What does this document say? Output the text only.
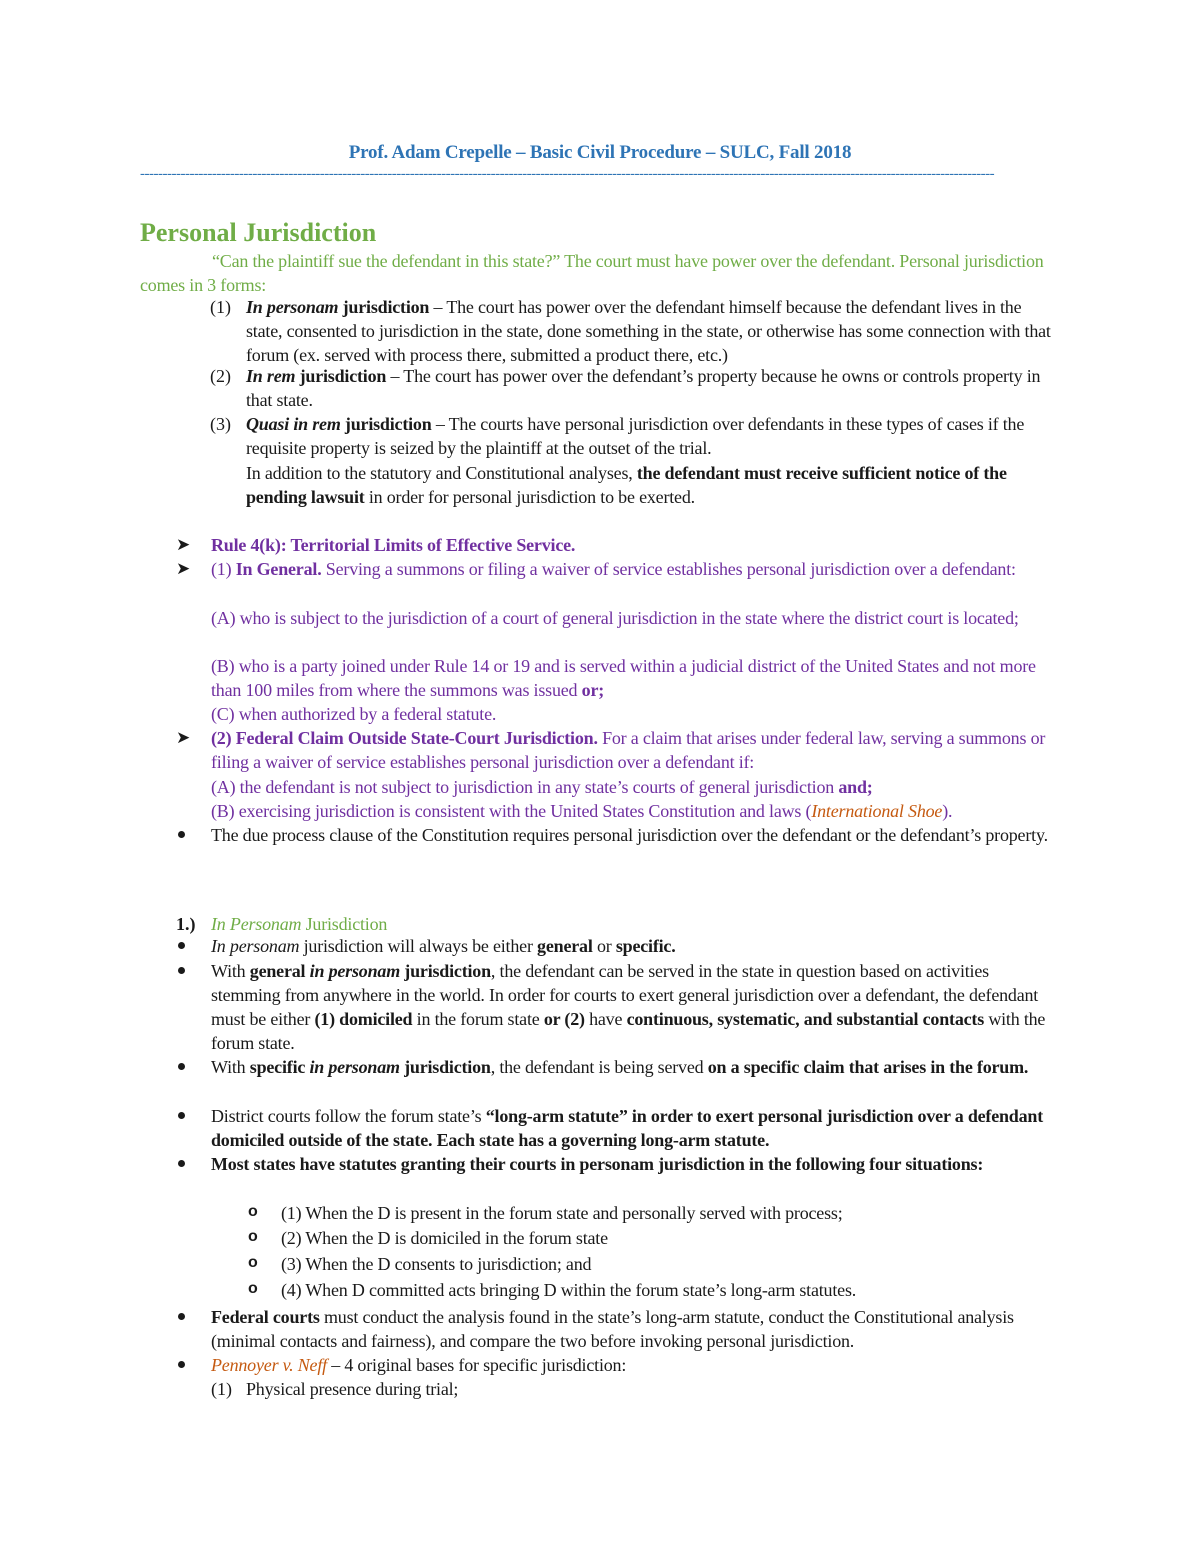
Prof. Adam Crepelle – Basic Civil Procedure – SULC, Fall 2018
----------------------------------------------------------------------------------------------------------------------------------------------------------------------------------------------
Personal Jurisdiction
“Can the plaintiff sue the defendant in this state?” The court must have power over the defendant. Personal jurisdiction comes in 3 forms:
(1) In personam jurisdiction – The court has power over the defendant himself because the defendant lives in the state, consented to jurisdiction in the state, done something in the state, or otherwise has some connection with that forum (ex. served with process there, submitted a product there, etc.)
(2) In rem jurisdiction – The court has power over the defendant’s property because he owns or controls property in that state.
(3) Quasi in rem jurisdiction – The courts have personal jurisdiction over defendants in these types of cases if the requisite property is seized by the plaintiff at the outset of the trial.
In addition to the statutory and Constitutional analyses, the defendant must receive sufficient notice of the pending lawsuit in order for personal jurisdiction to be exerted.
➤ Rule 4(k): Territorial Limits of Effective Service.
➤ (1) In General. Serving a summons or filing a waiver of service establishes personal jurisdiction over a defendant:
(A) who is subject to the jurisdiction of a court of general jurisdiction in the state where the district court is located;
(B) who is a party joined under Rule 14 or 19 and is served within a judicial district of the United States and not more than 100 miles from where the summons was issued or;
(C) when authorized by a federal statute.
➤ (2) Federal Claim Outside State-Court Jurisdiction. For a claim that arises under federal law, serving a summons or filing a waiver of service establishes personal jurisdiction over a defendant if:
(A) the defendant is not subject to jurisdiction in any state’s courts of general jurisdiction and;
(B) exercising jurisdiction is consistent with the United States Constitution and laws (International Shoe).
The due process clause of the Constitution requires personal jurisdiction over the defendant or the defendant’s property.
1.) In Personam Jurisdiction
In personam jurisdiction will always be either general or specific.
With general in personam jurisdiction, the defendant can be served in the state in question based on activities stemming from anywhere in the world. In order for courts to exert general jurisdiction over a defendant, the defendant must be either (1) domiciled in the forum state or (2) have continuous, systematic, and substantial contacts with the forum state.
With specific in personam jurisdiction, the defendant is being served on a specific claim that arises in the forum.
District courts follow the forum state’s “long-arm statute” in order to exert personal jurisdiction over a defendant domiciled outside of the state. Each state has a governing long-arm statute.
Most states have statutes granting their courts in personam jurisdiction in the following four situations:
o (1) When the D is present in the forum state and personally served with process;
o (2) When the D is domiciled in the forum state
o (3) When the D consents to jurisdiction; and
o (4) When D committed acts bringing D within the forum state’s long-arm statutes.
Federal courts must conduct the analysis found in the state’s long-arm statute, conduct the Constitutional analysis (minimal contacts and fairness), and compare the two before invoking personal jurisdiction.
Pennoyer v. Neff – 4 original bases for specific jurisdiction:
(1) Physical presence during trial;
